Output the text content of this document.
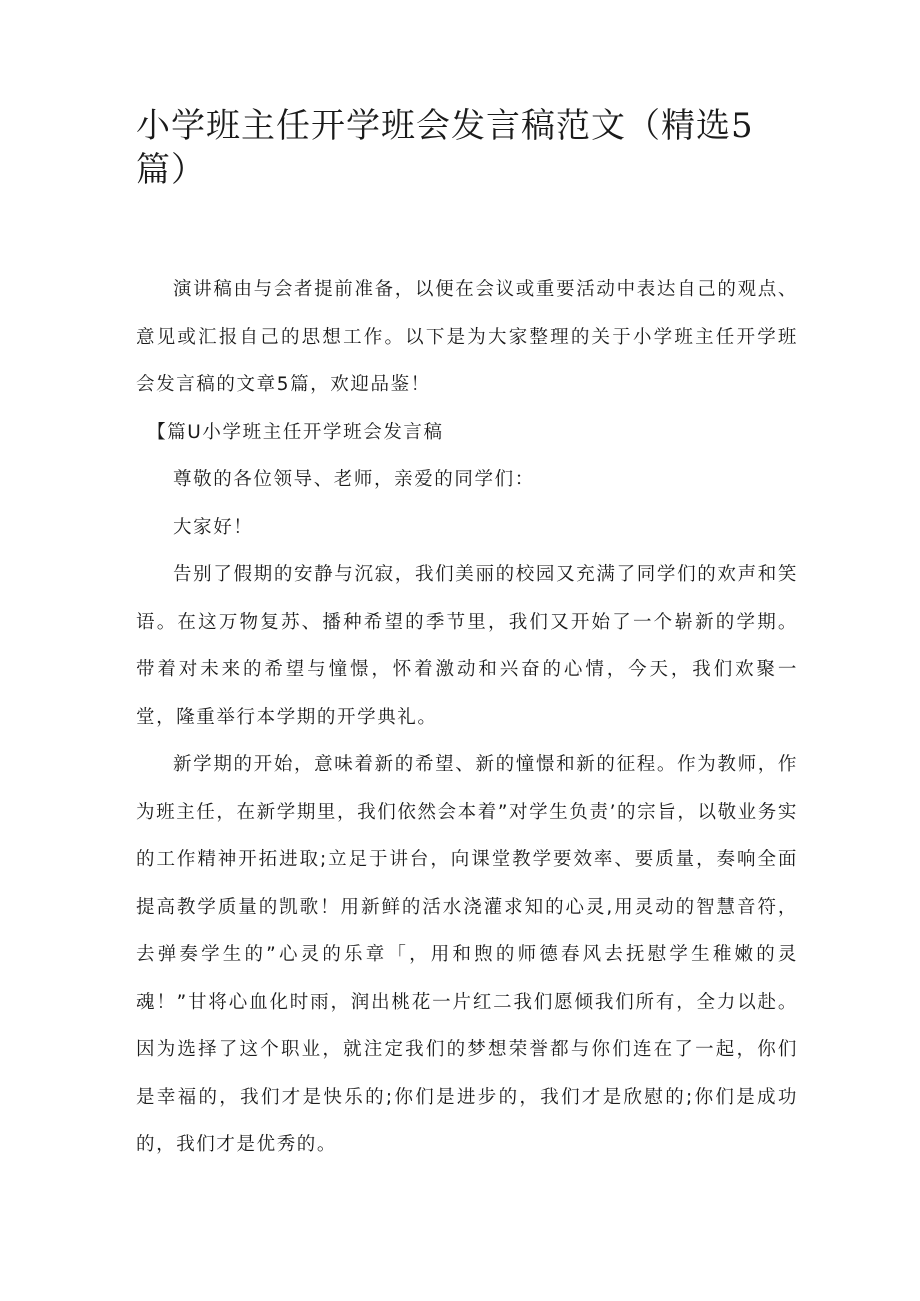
小学班主任开学班会发言稿范文（精选5篇）

演讲稿由与会者提前准备，以便在会议或重要活动中表达自己的观点、意见或汇报自己的思想工作。以下是为大家整理的关于小学班主任开学班会发言稿的文章5篇，欢迎品鉴！

【篇U小学班主任开学班会发言稿

尊敬的各位领导、老师，亲爱的同学们：

大家好！

告别了假期的安静与沉寂，我们美丽的校园又充满了同学们的欢声和笑语。在这万物复苏、播种希望的季节里，我们又开始了一个崭新的学期。带着对未来的希望与憧憬，怀着激动和兴奋的心情，今天，我们欢聚一堂，隆重举行本学期的开学典礼。

新学期的开始，意味着新的希望、新的憧憬和新的征程。作为教师，作为班主任，在新学期里，我们依然会本着”对学生负责’的宗旨，以敬业务实的工作精神开拓进取;立足于讲台，向课堂教学要效率、要质量，奏响全面提高教学质量的凯歌！用新鲜的活水浇灌求知的心灵,用灵动的智慧音符，去弹奏学生的”心灵的乐章「，用和煦的师德春风去抚慰学生稚嫩的灵魂！”甘将心血化时雨，润出桃花一片红二我们愿倾我们所有，全力以赴。因为选择了这个职业，就注定我们的梦想荣誉都与你们连在了一起，你们是幸福的，我们才是快乐的;你们是进步的，我们才是欣慰的;你们是成功的，我们才是优秀的。
